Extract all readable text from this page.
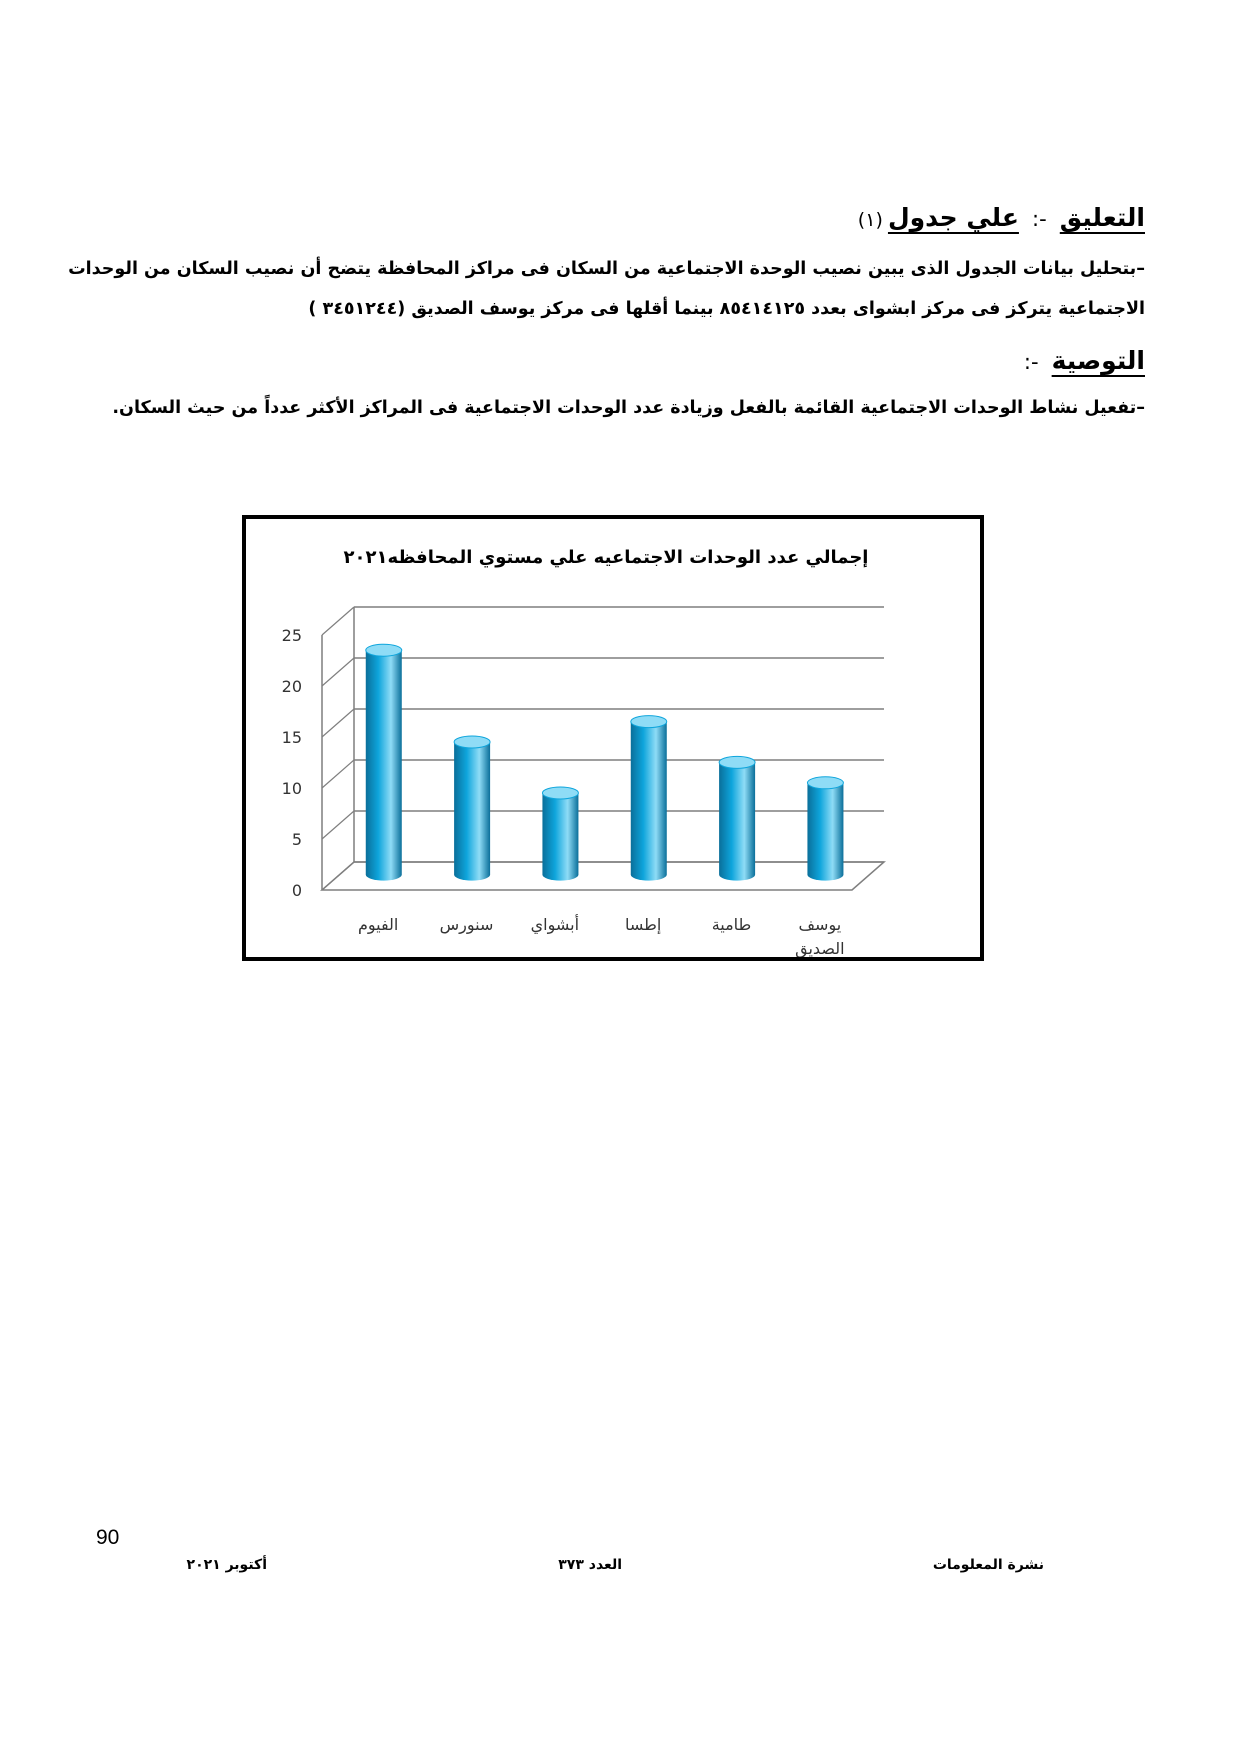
التعليق -: علي جدول (١)
–بتحليل بيانات الجدول الذى يبين نصيب الوحدة الاجتماعية من السكان فى مراكز المحافظة يتضح أن نصيب السكان من الوحدات
الاجتماعية يتركز فى مركز ابشواى بعدد ٨٥٤١٤١٢٥ بينما أقلها فى مركز يوسف الصديق (٣٤٥١٢٤٤ )
التوصية -:
–تفعيل نشاط الوحدات الاجتماعية القائمة بالفعل وزيادة عدد الوحدات الاجتماعية فى المراكز الأكثر عدداً من حيث السكان.
إجمالي عدد الوحدات الاجتماعيه علي مستوي المحافظه٢٠٢١
0
5
10
15
20
25
الفيوم	سنورس أبشواي	إطسا	طامية	يوسف
الصديق
90
نشرة المعلومات
العدد ٣٧٣
أكتوبر ٢٠٢١
